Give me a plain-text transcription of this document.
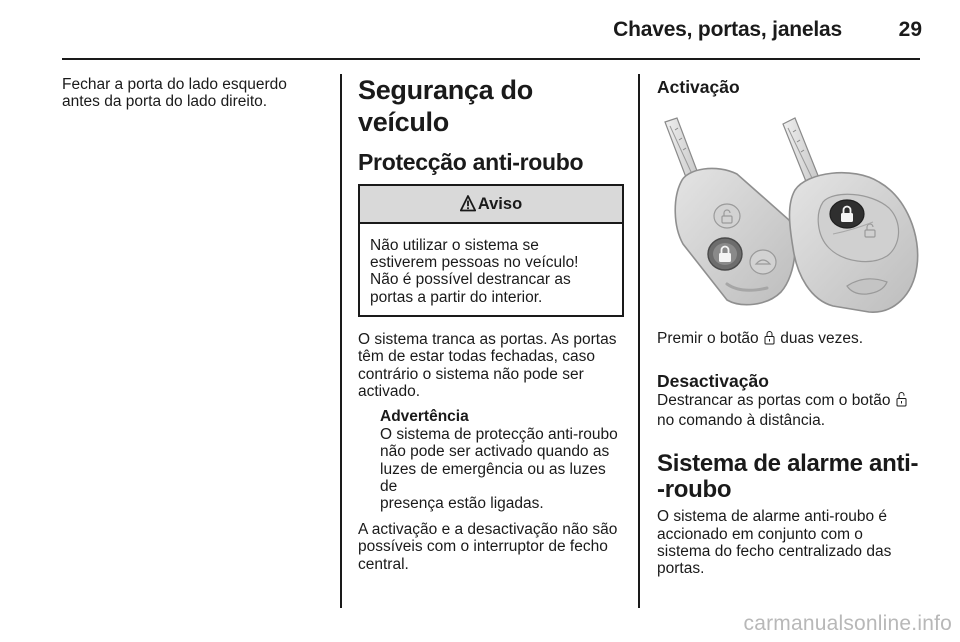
Chaves, portas, janelas	29
Fechar a porta do lado esquerdo
antes da porta do lado direito.	Segurança do veículo
Protecção anti-roubo
Aviso
Não utilizar o sistema se
estiverem pessoas no veículo!
Não é possível destrancar as
portas a partir do interior.
O sistema tranca as portas. As portas
têm de estar todas fechadas, caso
contrário o sistema não pode ser
activado.
Advertência
O sistema de protecção anti-roubo
não pode ser activado quando as
luzes de emergência ou as luzes de
presença estão ligadas.
A activação e a desactivação não são
possíveis com o interruptor de fecho
central.
Activação
Premir o botão duas vezes.
Desactivação
Destrancar as portas com o botão
no comando à distância.
Sistema de alarme anti-
-roubo
O sistema de alarme anti-roubo é
accionado em conjunto com o
sistema do fecho centralizado das
portas.
carmanualsonline.info
